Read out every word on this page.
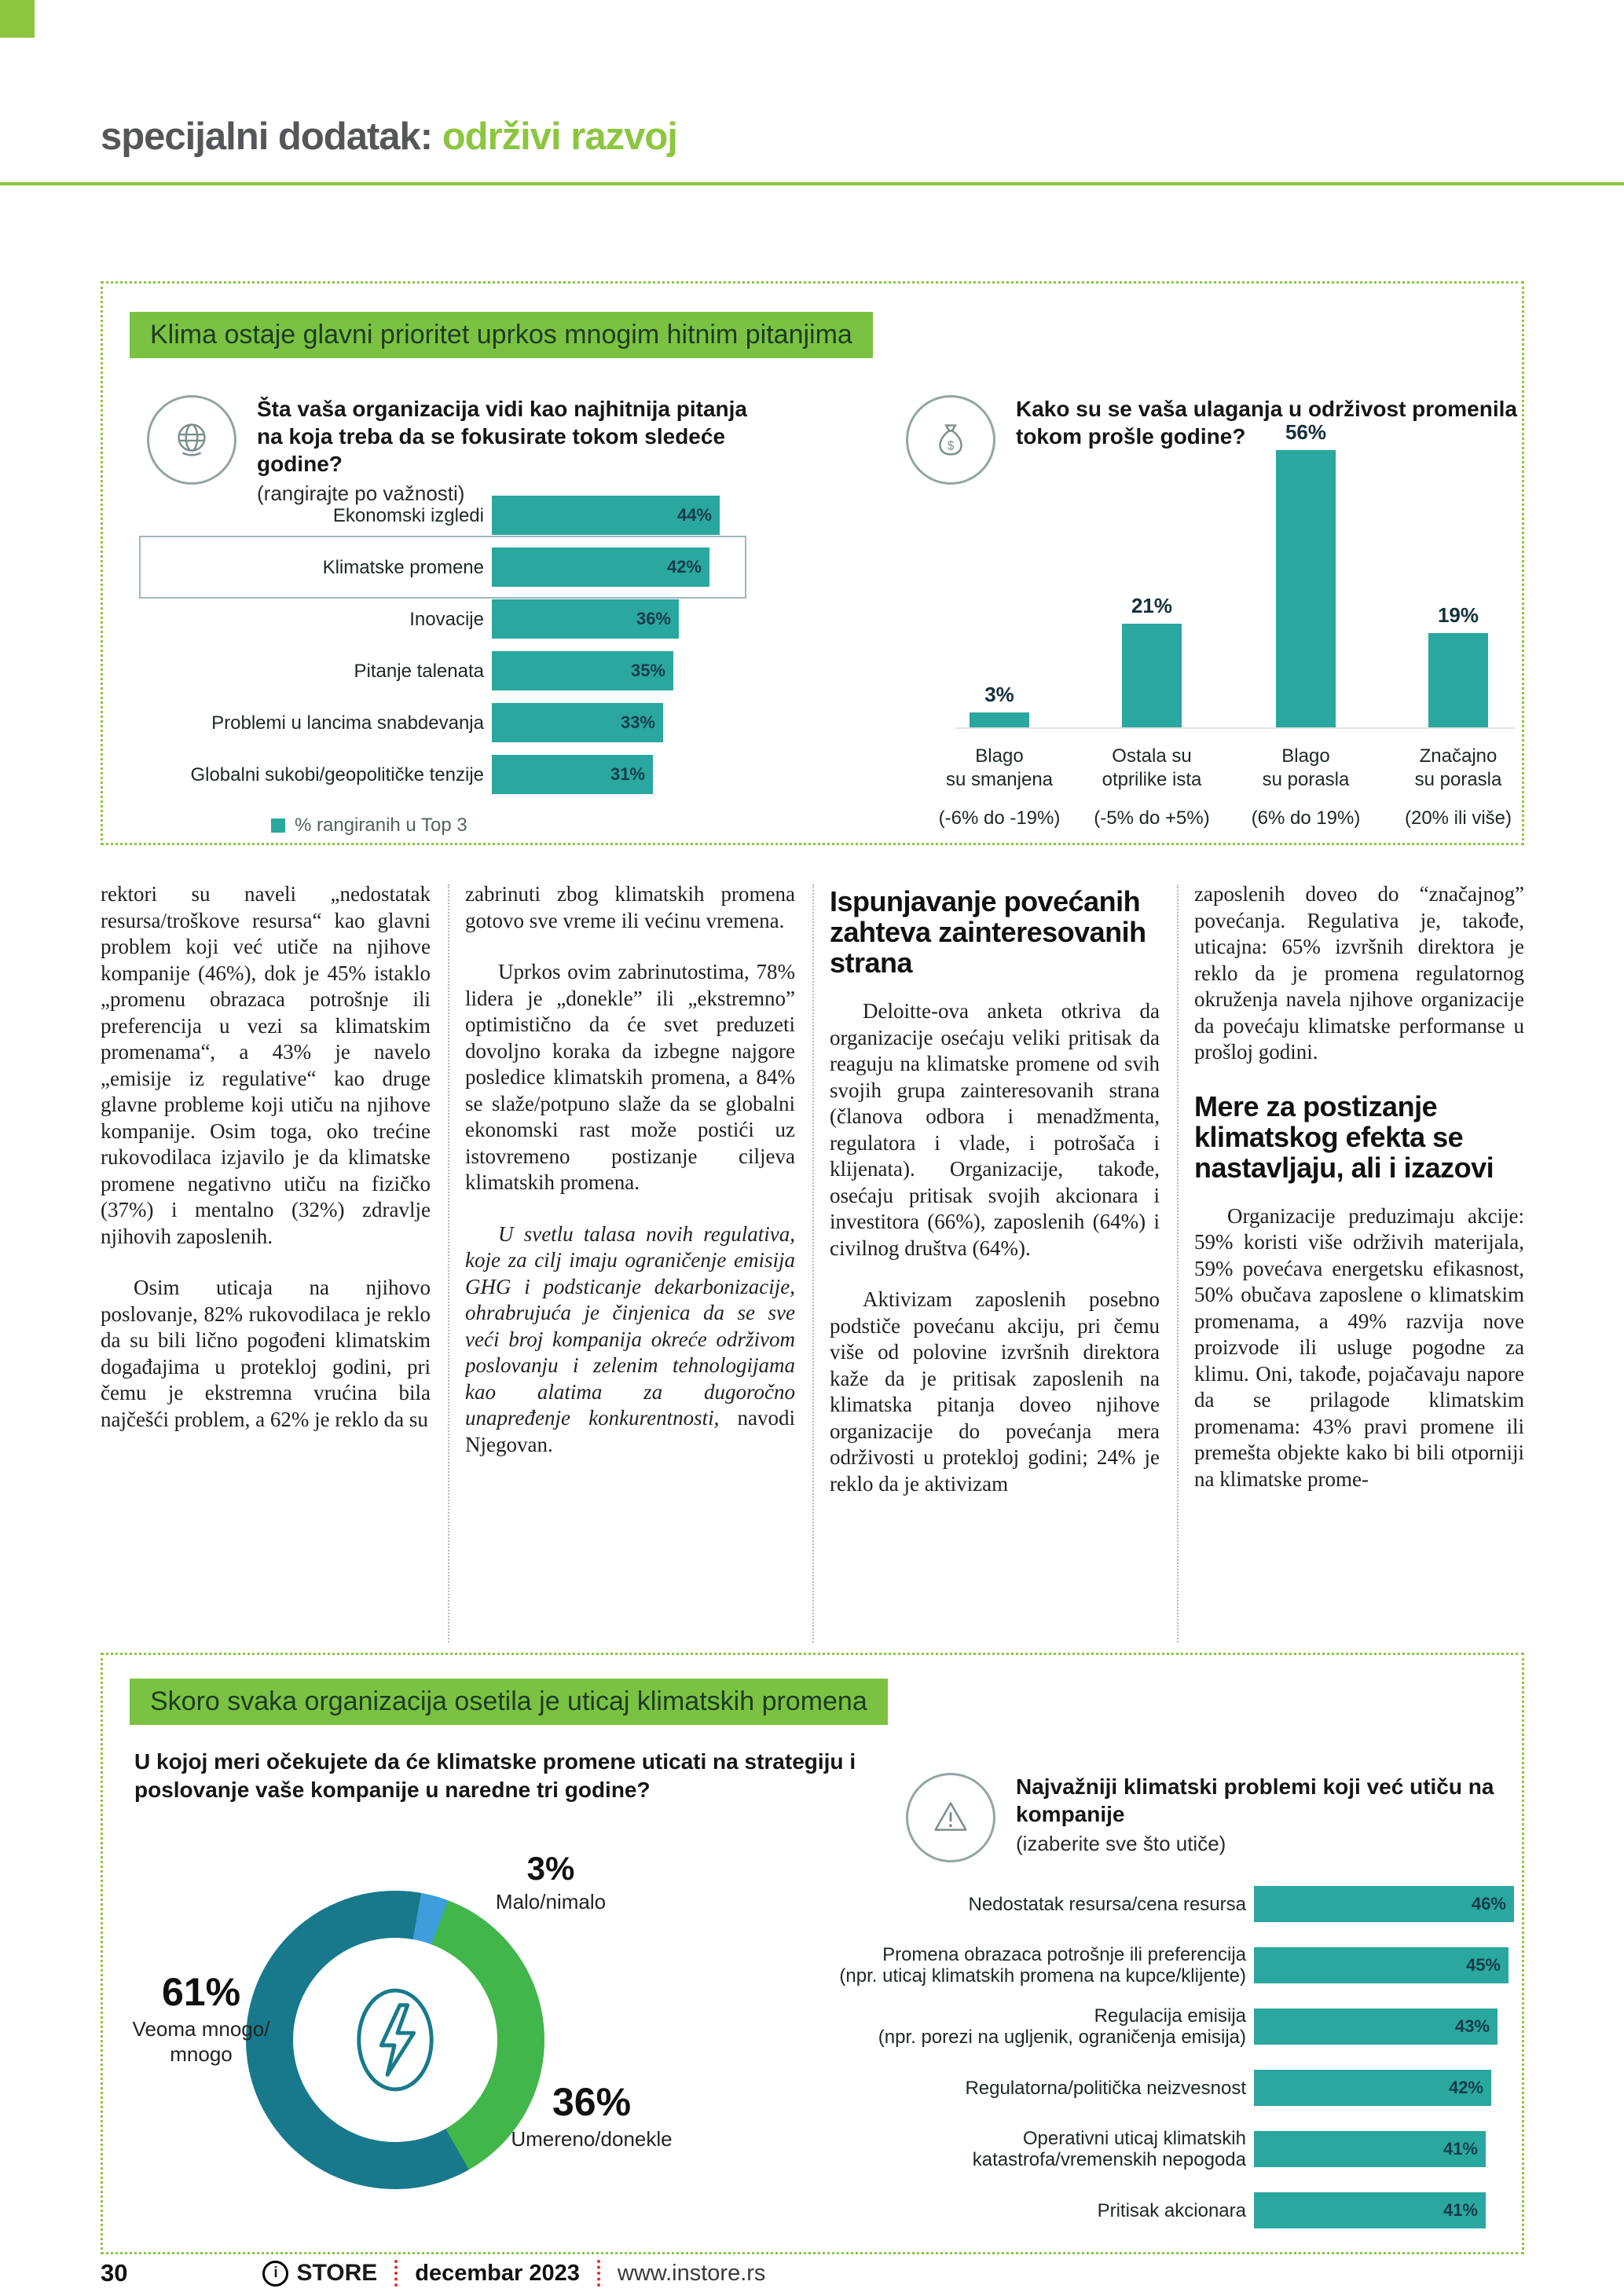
specijalni dodatak: održivi razvoj
Klima ostaje glavni prioritet uprkos mnogim hitnim pitanjima
Šta vaša organizacija vidi kao najhitnija pitanja na koja treba da se fokusirate tokom sledeće godine?
(rangirajte po važnosti)
Ekonomski izgledi	44%
Klimatske promene	42%
Inovacije	36%
Pitanje talenata	35%
Problemi u lancima snabdevanja	33%
Globalni sukobi/geopolitičke tenzije	31%
% rangiranih u Top 3
$
Kako su se vaša ulaganja u održivost promenila tokom prošle godine?
3%
Blago
su smanjena
(-6% do -19%)
21%
Ostala su
otprilike ista
(-5% do +5%)
56%
Blago
su porasla
(6% do 19%)
19%
Značajno
su porasla
(20% ili više)

rektori su naveli „nedostatak resursa/troškove resursa“ kao glavni problem koji već utiče na njihove kompanije (46%), dok je 45% istaklo „promenu obrazaca potrošnje ili preferencija u vezi sa klimatskim promenama“, a 43% je navelo „emisije iz regulative“ kao druge glavne probleme koji utiču na njihove kompanije. Osim toga, oko trećine rukovodilaca izjavilo je da klimatske promene negativno utiču na fizičko (37%) i mentalno (32%) zdravlje njihovih zaposlenih.

Osim uticaja na njihovo poslovanje, 82% rukovodilaca je reklo da su bili lično pogođeni klimatskim događajima u protekloj godini, pri čemu je ekstremna vrućina bila najčešći problem, a 62% je reklo da su

zabrinuti zbog klimatskih promena gotovo sve vreme ili većinu vremena.

Uprkos ovim zabrinutostima, 78% lidera je „donekle” ili „ekstremno” optimistično da će svet preduzeti dovoljno koraka da izbegne najgore posledice klimatskih promena, a 84% se slaže/potpuno slaže da se globalni ekonomski rast može postići uz istovremeno postizanje ciljeva klimatskih promena.

U svetlu talasa novih regulativa, koje za cilj imaju ograničenje emisija GHG i podsticanje dekarbonizacije, ohrabrujuća je činjenica da se sve veći broj kompanija okreće održivom poslovanju i zelenim tehnologijama kao alatima za dugoročno unapređenje konkurentnosti, navodi Njegovan.

Ispunjavanje povećanih zahteva zainteresovanih strana

Deloitte-ova anketa otkriva da organizacije osećaju veliki pritisak da reaguju na klimatske promene od svih svojih grupa zainteresovanih strana (članova odbora i menadžmenta, regulatora i vlade, i potrošača i klijenata). Organizacije, takođe, osećaju pritisak svojih akcionara i investitora (66%), zaposlenih (64%) i civilnog društva (64%).

Aktivizam zaposlenih posebno podstiče povećanu akciju, pri čemu više od polovine izvršnih direktora kaže da je pritisak zaposlenih na klimatska pitanja doveo njihove organizacije do povećanja mera održivosti u protekloj godini; 24% je reklo da je aktivizam

zaposlenih doveo do “značajnog” povećanja. Regulativa je, takođe, uticajna: 65% izvršnih direktora je reklo da je promena regulatornog okruženja navela njihove organizacije da povećaju klimatske performanse u prošloj godini.

Mere za postizanje klimatskog efekta se nastavljaju, ali i izazovi

Organizacije preduzimaju akcije: 59% koristi više održivih materijala, 59% povećava energetsku efikasnost, 50% obučava zaposlene o klimatskim promenama, a 49% razvija nove proizvode ili usluge pogodne za klimu. Oni, takođe, pojačavaju napore da se prilagode klimatskim promenama: 43% pravi promene ili premešta objekte kako bi bili otporniji na klimatske prome-

Skoro svaka organizacija osetila je uticaj klimatskih promena
U kojoj meri očekujete da će klimatske promene uticati na strategiju i poslovanje vaše kompanije u naredne tri godine?
3%
Malo/nimalo
61%
Veoma mnogo/
mnogo
36%
Umereno/donekle
Najvažniji klimatski problemi koji već utiču na kompanije
(izaberite sve što utiče)
Nedostatak resursa/cena resursa	46%
Promena obrazaca potrošnje ili preferencija
(npr. uticaj klimatskih promena na kupce/klijente)
45%
Regulacija emisija
(npr. porezi na ugljenik, ograničenja emisija)
43%
Regulatorna/politička neizvesnost	42%
Operativni uticaj klimatskih
katastrofa/vremenskih nepogoda
41%
Pritisak akcionara	41%
30	i STORE decembar 2023 www.instore.rs
